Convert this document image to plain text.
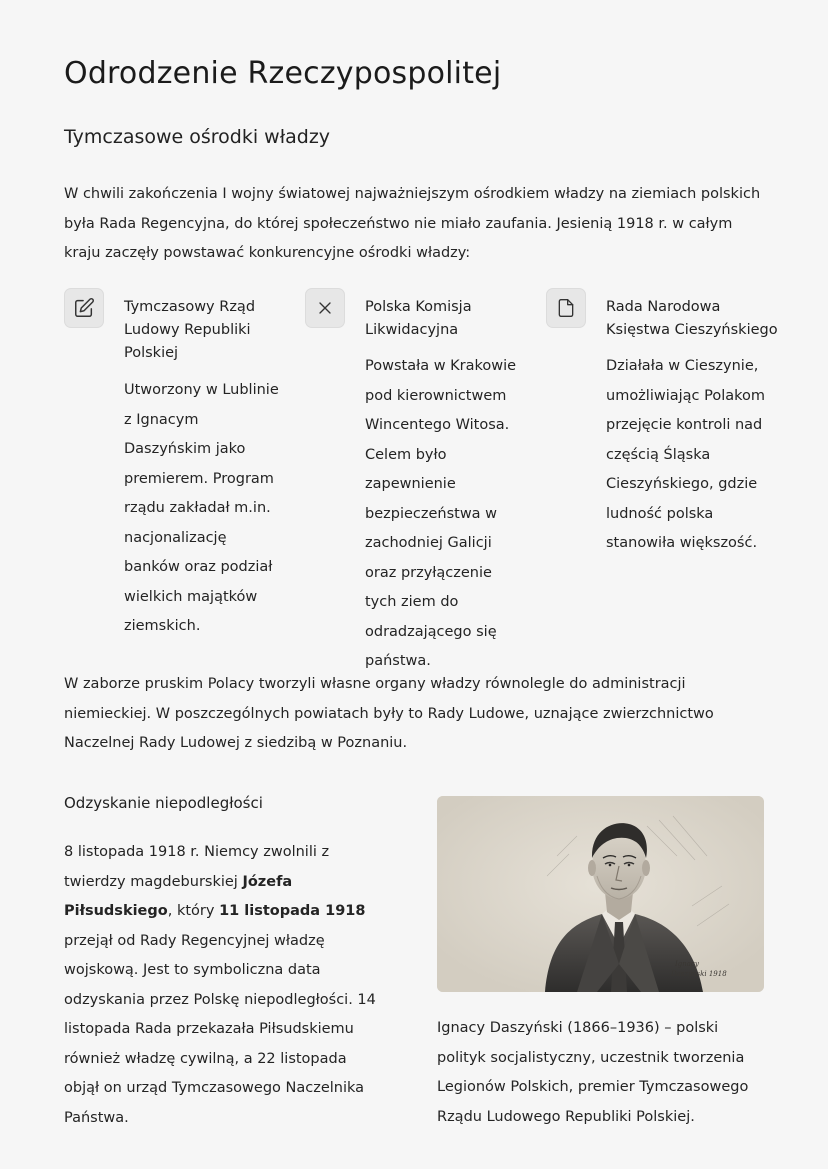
Odrodzenie Rzeczypospolitej
Tymczasowe ośrodki władzy

W chwili zakończenia I wojny światowej najważniejszym ośrodkiem władzy na ziemiach polskich była Rada Regencyjna, do której społeczeństwo nie miało zaufania. Jesienią 1918 r. w całym kraju zaczęły powstawać konkurencyjne ośrodki władzy:

Tymczasowy Rząd Ludowy Republiki Polskiej

Utworzony w Lublinie z Ignacym Daszyńskim jako premierem. Program rządu zakładał m.in. nacjonalizację banków oraz podział wielkich majątków ziemskich.

Polska Komisja Likwidacyjna

Powstała w Krakowie pod kierownictwem Wincentego Witosa. Celem było zapewnienie bezpieczeństwa w zachodniej Galicji oraz przyłączenie tych ziem do odradzającego się państwa.

Rada Narodowa Księstwa Cieszyńskiego

Działała w Cieszynie, umożliwiając Polakom przejęcie kontroli nad częścią Śląska Cieszyńskiego, gdzie ludność polska stanowiła większość.

W zaborze pruskim Polacy tworzyli własne organy władzy równolegle do administracji niemieckiej. W poszczególnych powiatach były to Rady Ludowe, uznające zwierzchnictwo Naczelnej Rady Ludowej z siedzibą w Poznaniu.

Odzyskanie niepodległości

8 listopada 1918 r. Niemcy zwolnili z twierdzy magdeburskiej Józefa Piłsudskiego, który 11 listopada 1918 przejął od Rady Regencyjnej władzę wojskową. Jest to symboliczna data odzyskania przez Polskę niepodległości. 14 listopada Rada przekazała Piłsudskiemu również władzę cywilną, a 22 listopada objął on urząd Tymczasowego Naczelnika Państwa.

Ignacy
Daszyński 1918

Ignacy Daszyński (1866–1936) – polski polityk socjalistyczny, uczestnik tworzenia Legionów Polskich, premier Tymczasowego Rządu Ludowego Republiki Polskiej.
